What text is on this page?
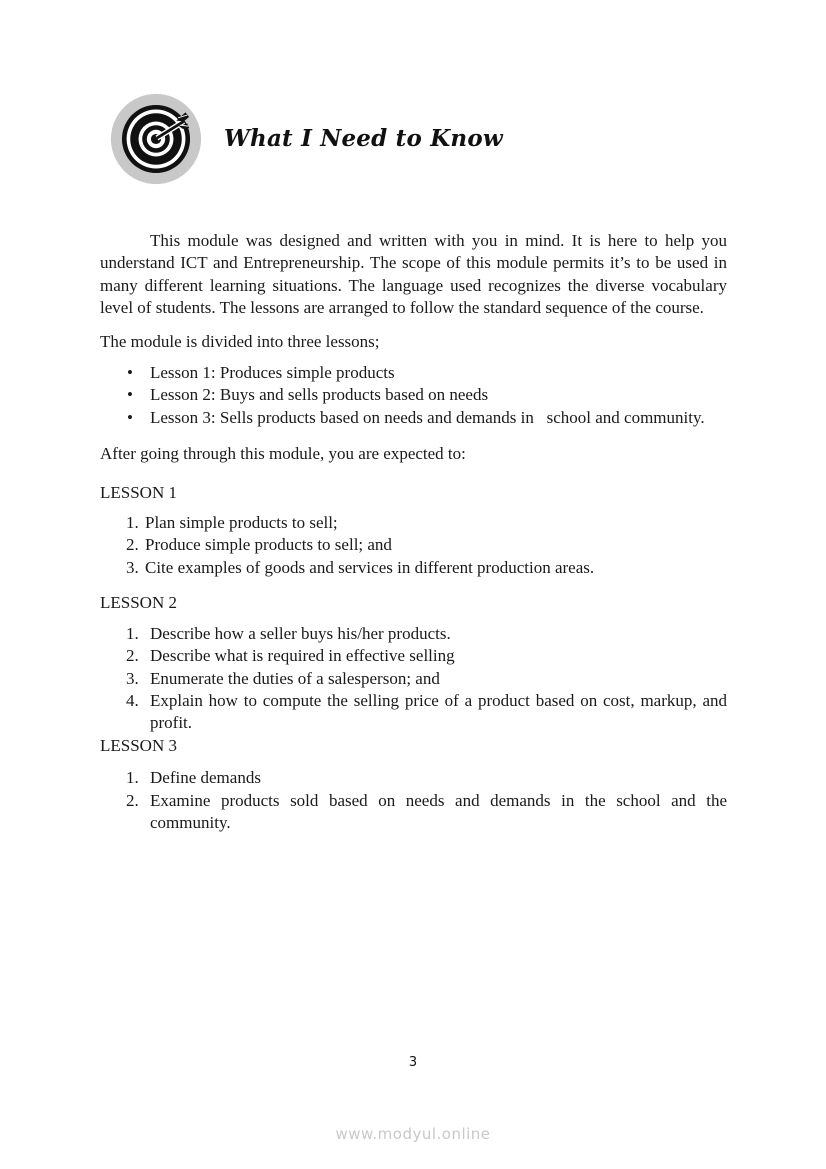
What I Need to Know

This module was designed and written with you in mind. It is here to help you understand ICT and Entrepreneurship. The scope of this module permits it’s to be used in many different learning situations. The language used recognizes the diverse vocabulary level of students. The lessons are arranged to follow the standard sequence of the course.

The module is divided into three lessons;

• Lesson 1: Produces simple products
• Lesson 2: Buys and sells products based on needs
• Lesson 3: Sells products based on needs and demands in   school and community.

After going through this module, you are expected to:

LESSON 1

1. Plan simple products to sell;
2. Produce simple products to sell; and
3. Cite examples of goods and services in different production areas.

LESSON 2

1. Describe how a seller buys his/her products.
2. Describe what is required in effective selling
3. Enumerate the duties of a salesperson; and
4. Explain how to compute the selling price of a product based on cost, markup, and profit.

LESSON 3

1. Define demands
2. Examine products sold based on needs and demands in the school and the community.
3
www.modyul.online
